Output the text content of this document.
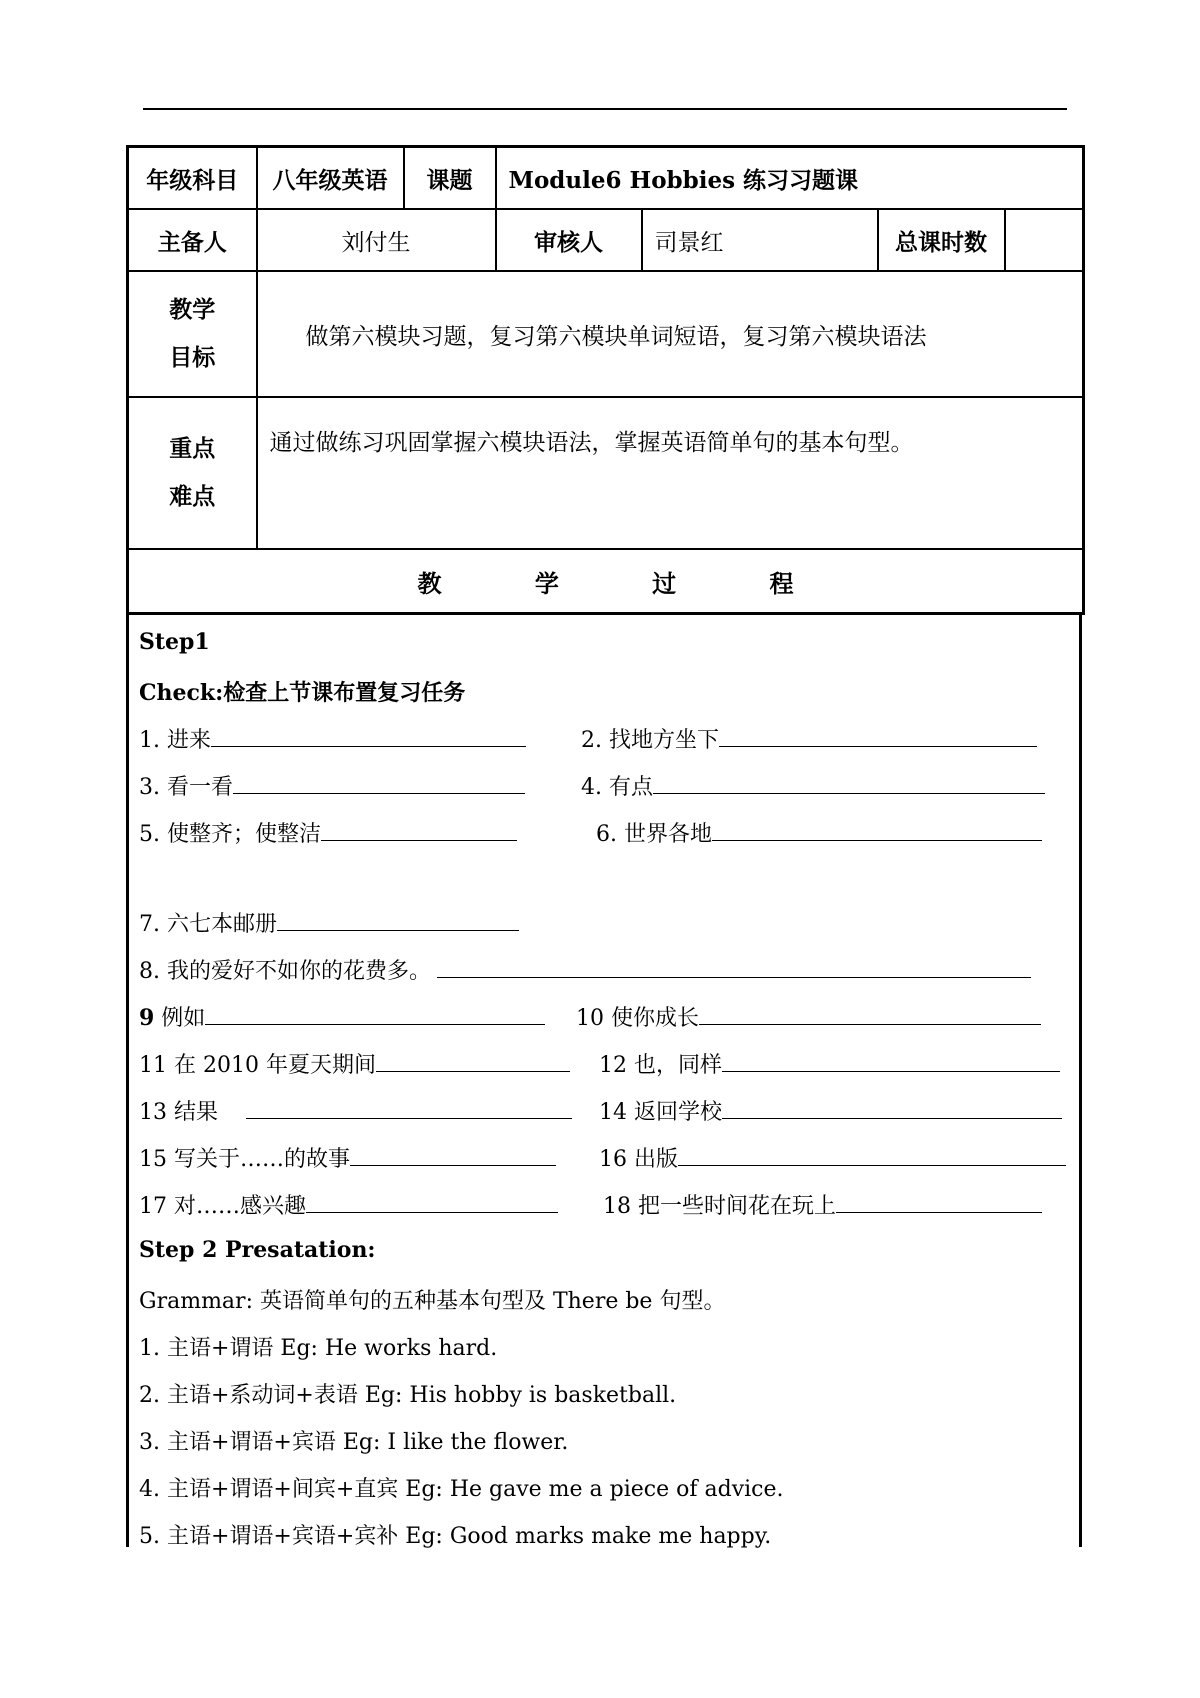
年级科目	八年级英语	课题	Module6 Hobbies 练习习题课			
主备人	刘付生		审核人	司景红	总课时数	

教学
目标	做第六模块习题，复习第六模块单词短语，复习第六模块语法					

重点
难点	通过做练习巩固掌握六模块语法，掌握英语简单句的基本句型。					
教 学 过 程						
Step1
Check:检查上节课布置复习任务
1. 进来	2. 找地方坐下
3. 看一看	4. 有点
5. 使整齐；使整洁	6. 世界各地
7. 六七本邮册
8. 我的爱好不如你的花费多。
9 例如	10 使你成长
11 在 2010 年夏天期间	12 也，同样
13 结果	14 返回学校
15 写关于……的故事	16 出版
17 对……感兴趣	18 把一些时间花在玩上
Step 2 Presatation:
Grammar: 英语简单句的五种基本句型及 There be 句型。
1. 主语+谓语 Eg: He works hard.
2. 主语+系动词+表语 Eg: His hobby is basketball.
3. 主语+谓语+宾语 Eg: I like the flower.
4. 主语+谓语+间宾+直宾 Eg: He gave me a piece of advice.
5. 主语+谓语+宾语+宾补 Eg: Good marks make me happy.
